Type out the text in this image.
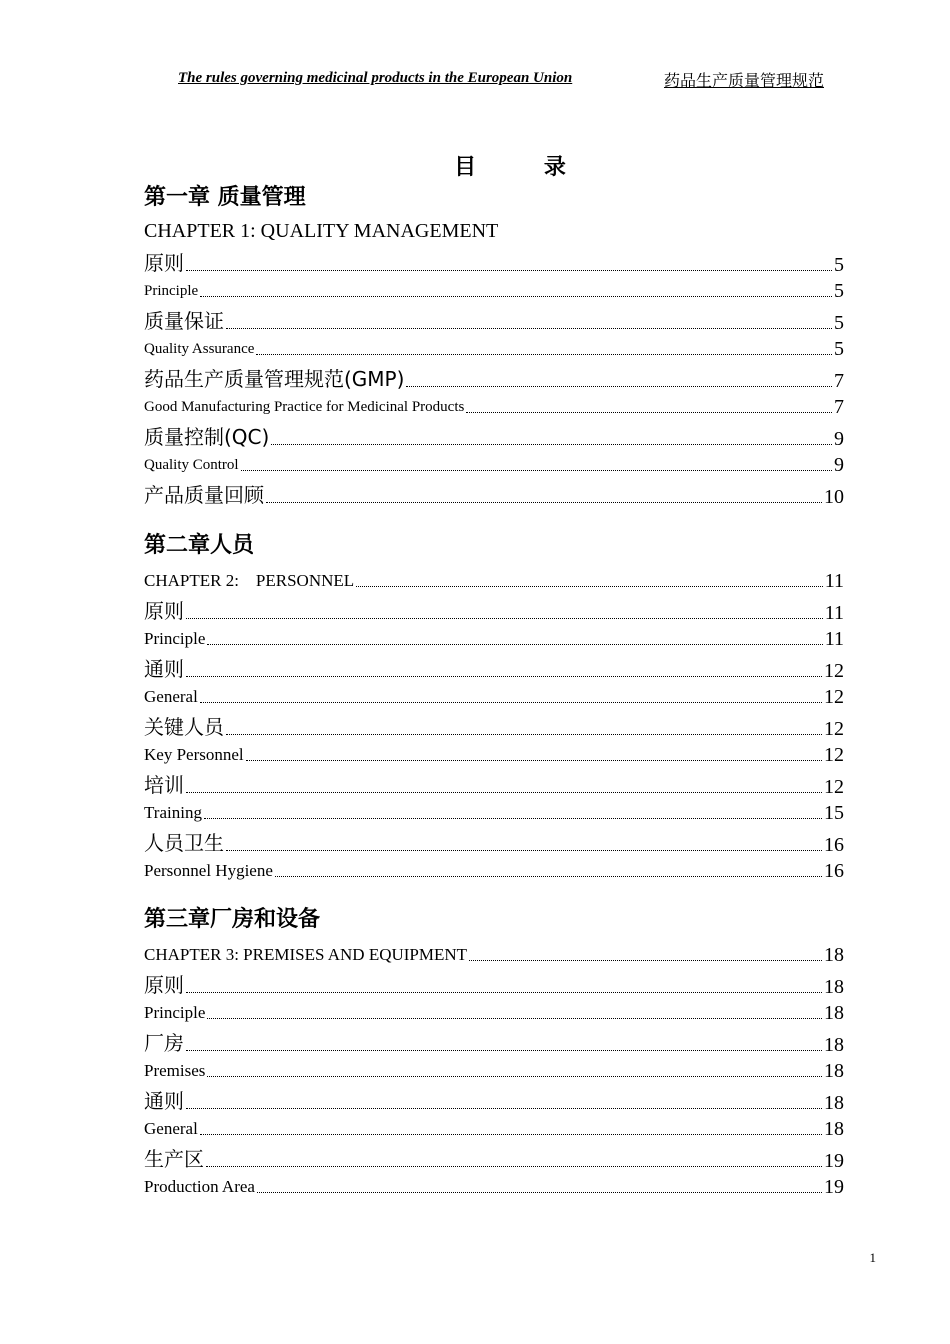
The rules governing medicinal products in the European Union	药品生产质量管理规范
目 录
第一章 质量管理
CHAPTER 1: QUALITY MANAGEMENT
原则	5
Principle	5
质量保证	5
Quality Assurance	5
药品生产质量管理规范(GMP)	7
Good Manufacturing Practice for Medicinal Products	7
质量控制(QC)	9
Quality Control	9
产品质量回顾	10
第二章人员
CHAPTER 2:    PERSONNEL	11
原则	11
Principle	11
通则	12
General	12
关键人员	12
Key Personnel	12
培训	12
Training	15
人员卫生	16
Personnel Hygiene	16
第三章厂房和设备
CHAPTER 3: PREMISES AND EQUIPMENT	18
原则	18
Principle	18
厂房	18
Premises	18
通则	18
General	18
生产区	19
Production Area	19
1
